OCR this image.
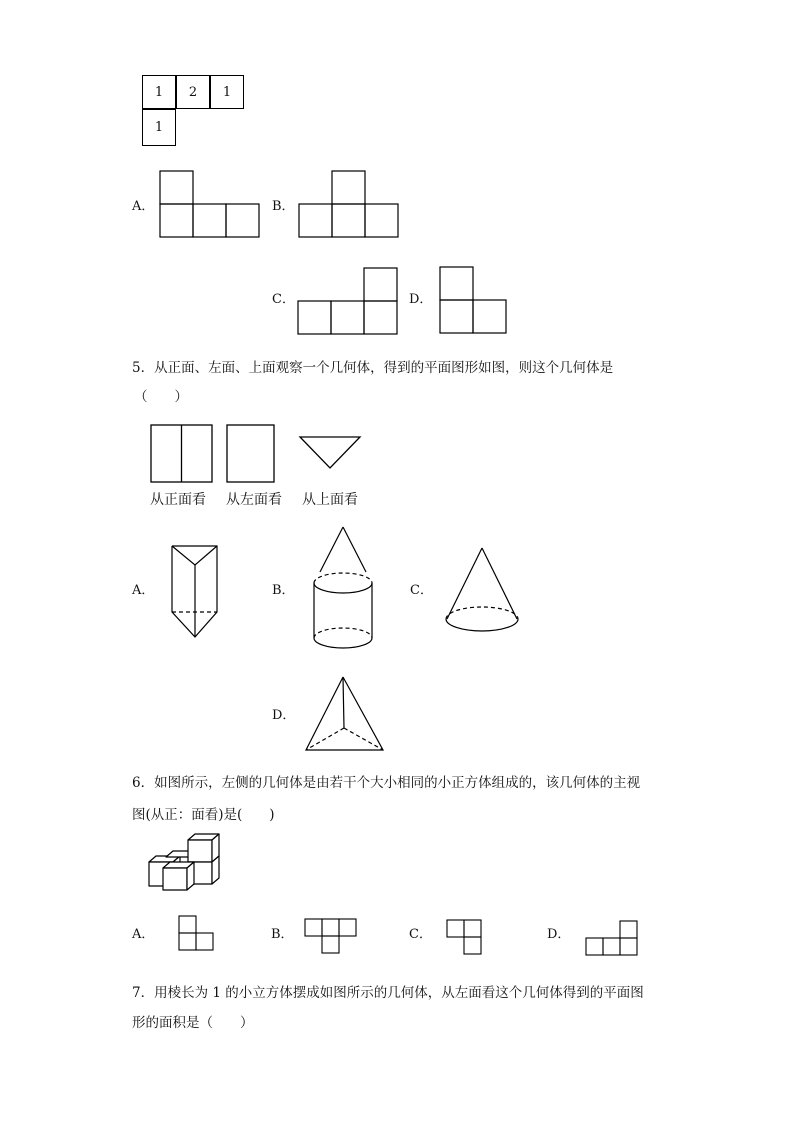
1	2	1
1
A．	B．
C．	D．
5．从正面、左面、上面观察一个几何体，得到的平面图形如图，则这个几何体是
（　　）
从正面看 从左面看 从上面看
A．	B．	C．
D．
6．如图所示，左侧的几何体是由若干个大小相同的小正方体组成的，该几何体的主视
图(从正：面看)是(　　)
A．	B．	C．	D．
7．用棱长为 1 的小立方体摆成如图所示的几何体，从左面看这个几何体得到的平面图
形的面积是（　　）
